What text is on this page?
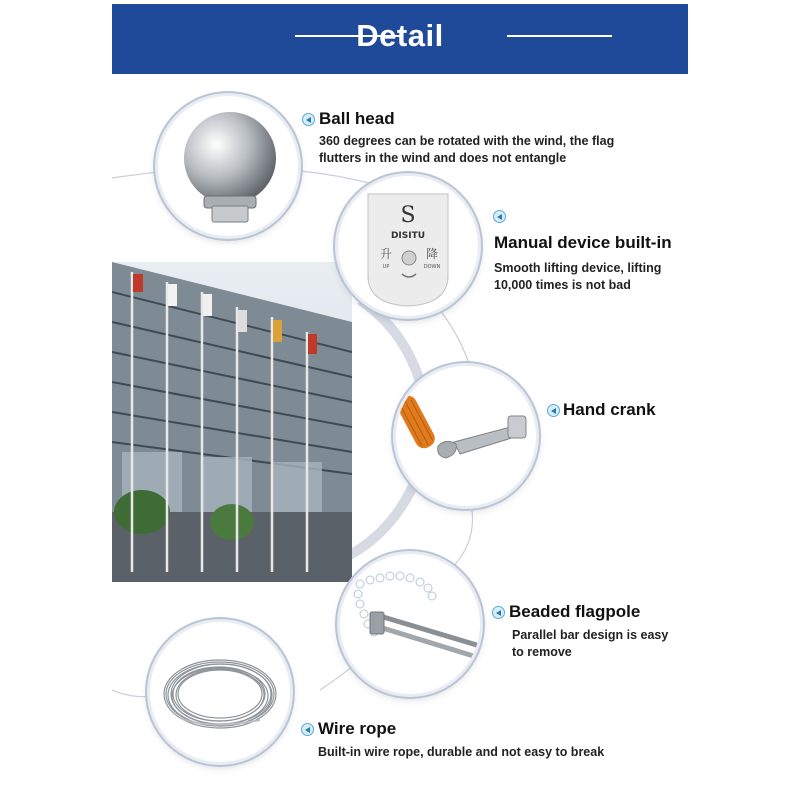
Detail
Ball head
360 degrees can be rotated with the wind, the flag
flutters in the wind and does not entangle
S
DISITU
升	降
UP	DOWN
Manual device built-in
Smooth lifting device, lifting
10,000 times is not bad
Hand crank
Beaded flagpole
Parallel bar design is easy
to remove
Wire rope
Built-in wire rope, durable and not easy to break
